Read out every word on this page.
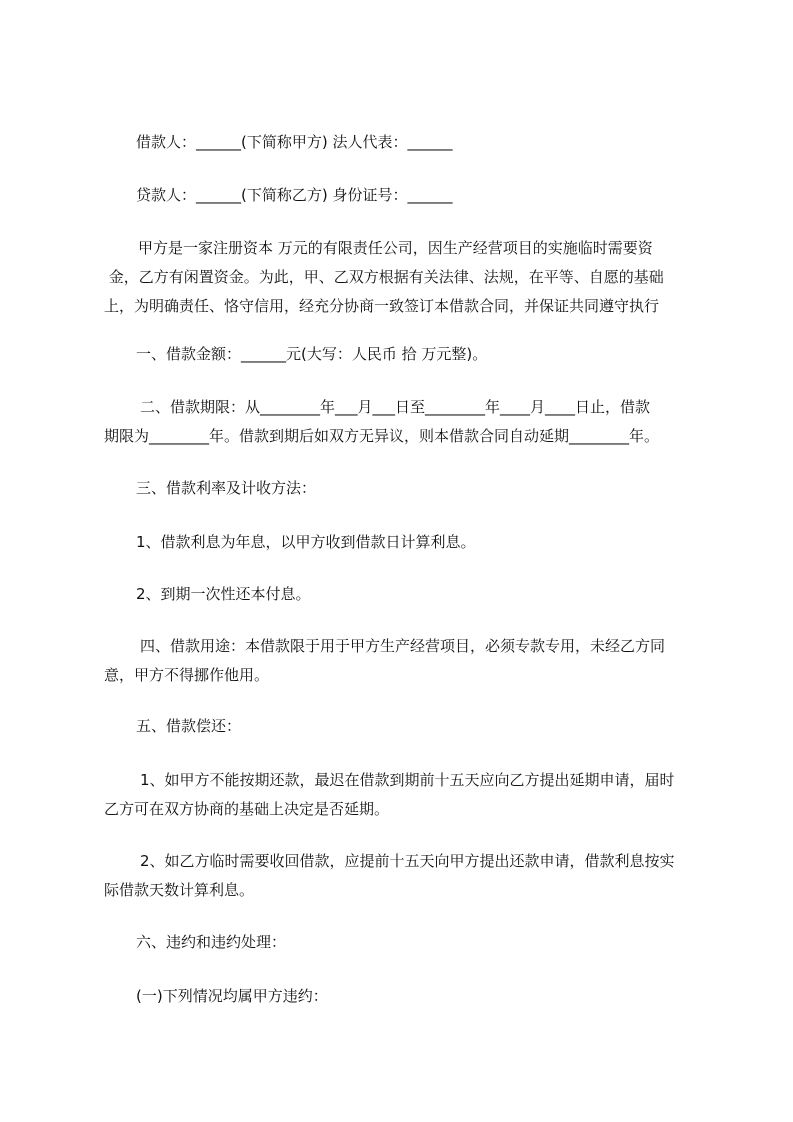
借款人：______(下简称甲方) 法人代表：______
贷款人：______(下简称乙方) 身份证号：______
甲方是一家注册资本 万元的有限责任公司，因生产经营项目的实施临时需要资
金，乙方有闲置资金。为此，甲、乙双方根据有关法律、法规，在平等、自愿的基础
上，为明确责任、恪守信用，经充分协商一致签订本借款合同，并保证共同遵守执行
一、借款金额：______元(大写：人民币 拾 万元整)。
二、借款期限：从________年___月___日至________年____月____日止，借款
期限为________年。借款到期后如双方无异议，则本借款合同自动延期________年。
三、借款利率及计收方法：
1、借款利息为年息，以甲方收到借款日计算利息。
2、到期一次性还本付息。
四、借款用途：本借款限于用于甲方生产经营项目，必须专款专用，未经乙方同
意，甲方不得挪作他用。
五、借款偿还：
1、如甲方不能按期还款，最迟在借款到期前十五天应向乙方提出延期申请，届时
乙方可在双方协商的基础上决定是否延期。
2、如乙方临时需要收回借款，应提前十五天向甲方提出还款申请，借款利息按实
际借款天数计算利息。
六、违约和违约处理：
(一)下列情况均属甲方违约：
